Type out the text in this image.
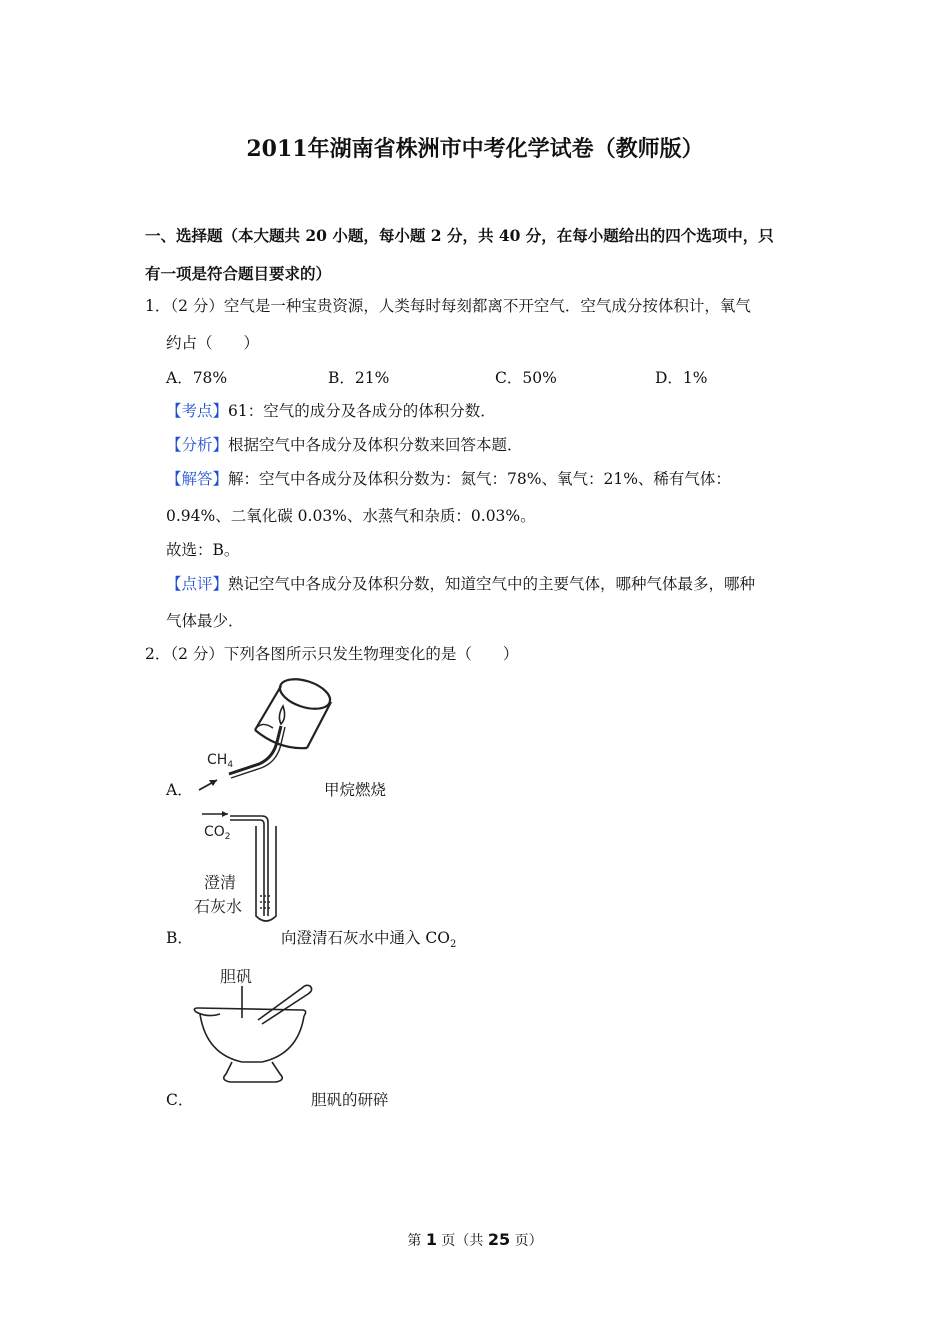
2011年湖南省株洲市中考化学试卷（教师版）
一、选择题（本大题共 20 小题，每小题 2 分，共 40 分，在每小题给出的四个选项中，只
有一项是符合题目要求的）
1．（2 分）空气是一种宝贵资源，人类每时每刻都离不开空气．空气成分按体积计，氧气
约占（　　）
A．78%	B．21%	C．50%	D．1%
【考点】61：空气的成分及各成分的体积分数．
【分析】根据空气中各成分及体积分数来回答本题．
【解答】解：空气中各成分及体积分数为：氮气：78%、氧气：21%、稀有气体：
0.94%、二氧化碳 0.03%、水蒸气和杂质：0.03%。
故选：B。
【点评】熟记空气中各成分及体积分数，知道空气中的主要气体，哪种气体最多，哪种
气体最少．
2．（2 分）下列各图所示只发生物理变化的是（　　）
$CH_4$
A．	甲烷燃烧
$CO_2$
澄清
石灰水
B．	向澄清石灰水中通入 $CO_2$
胆矾
C．	胆矾的研碎
第 1 页（共 25 页）
